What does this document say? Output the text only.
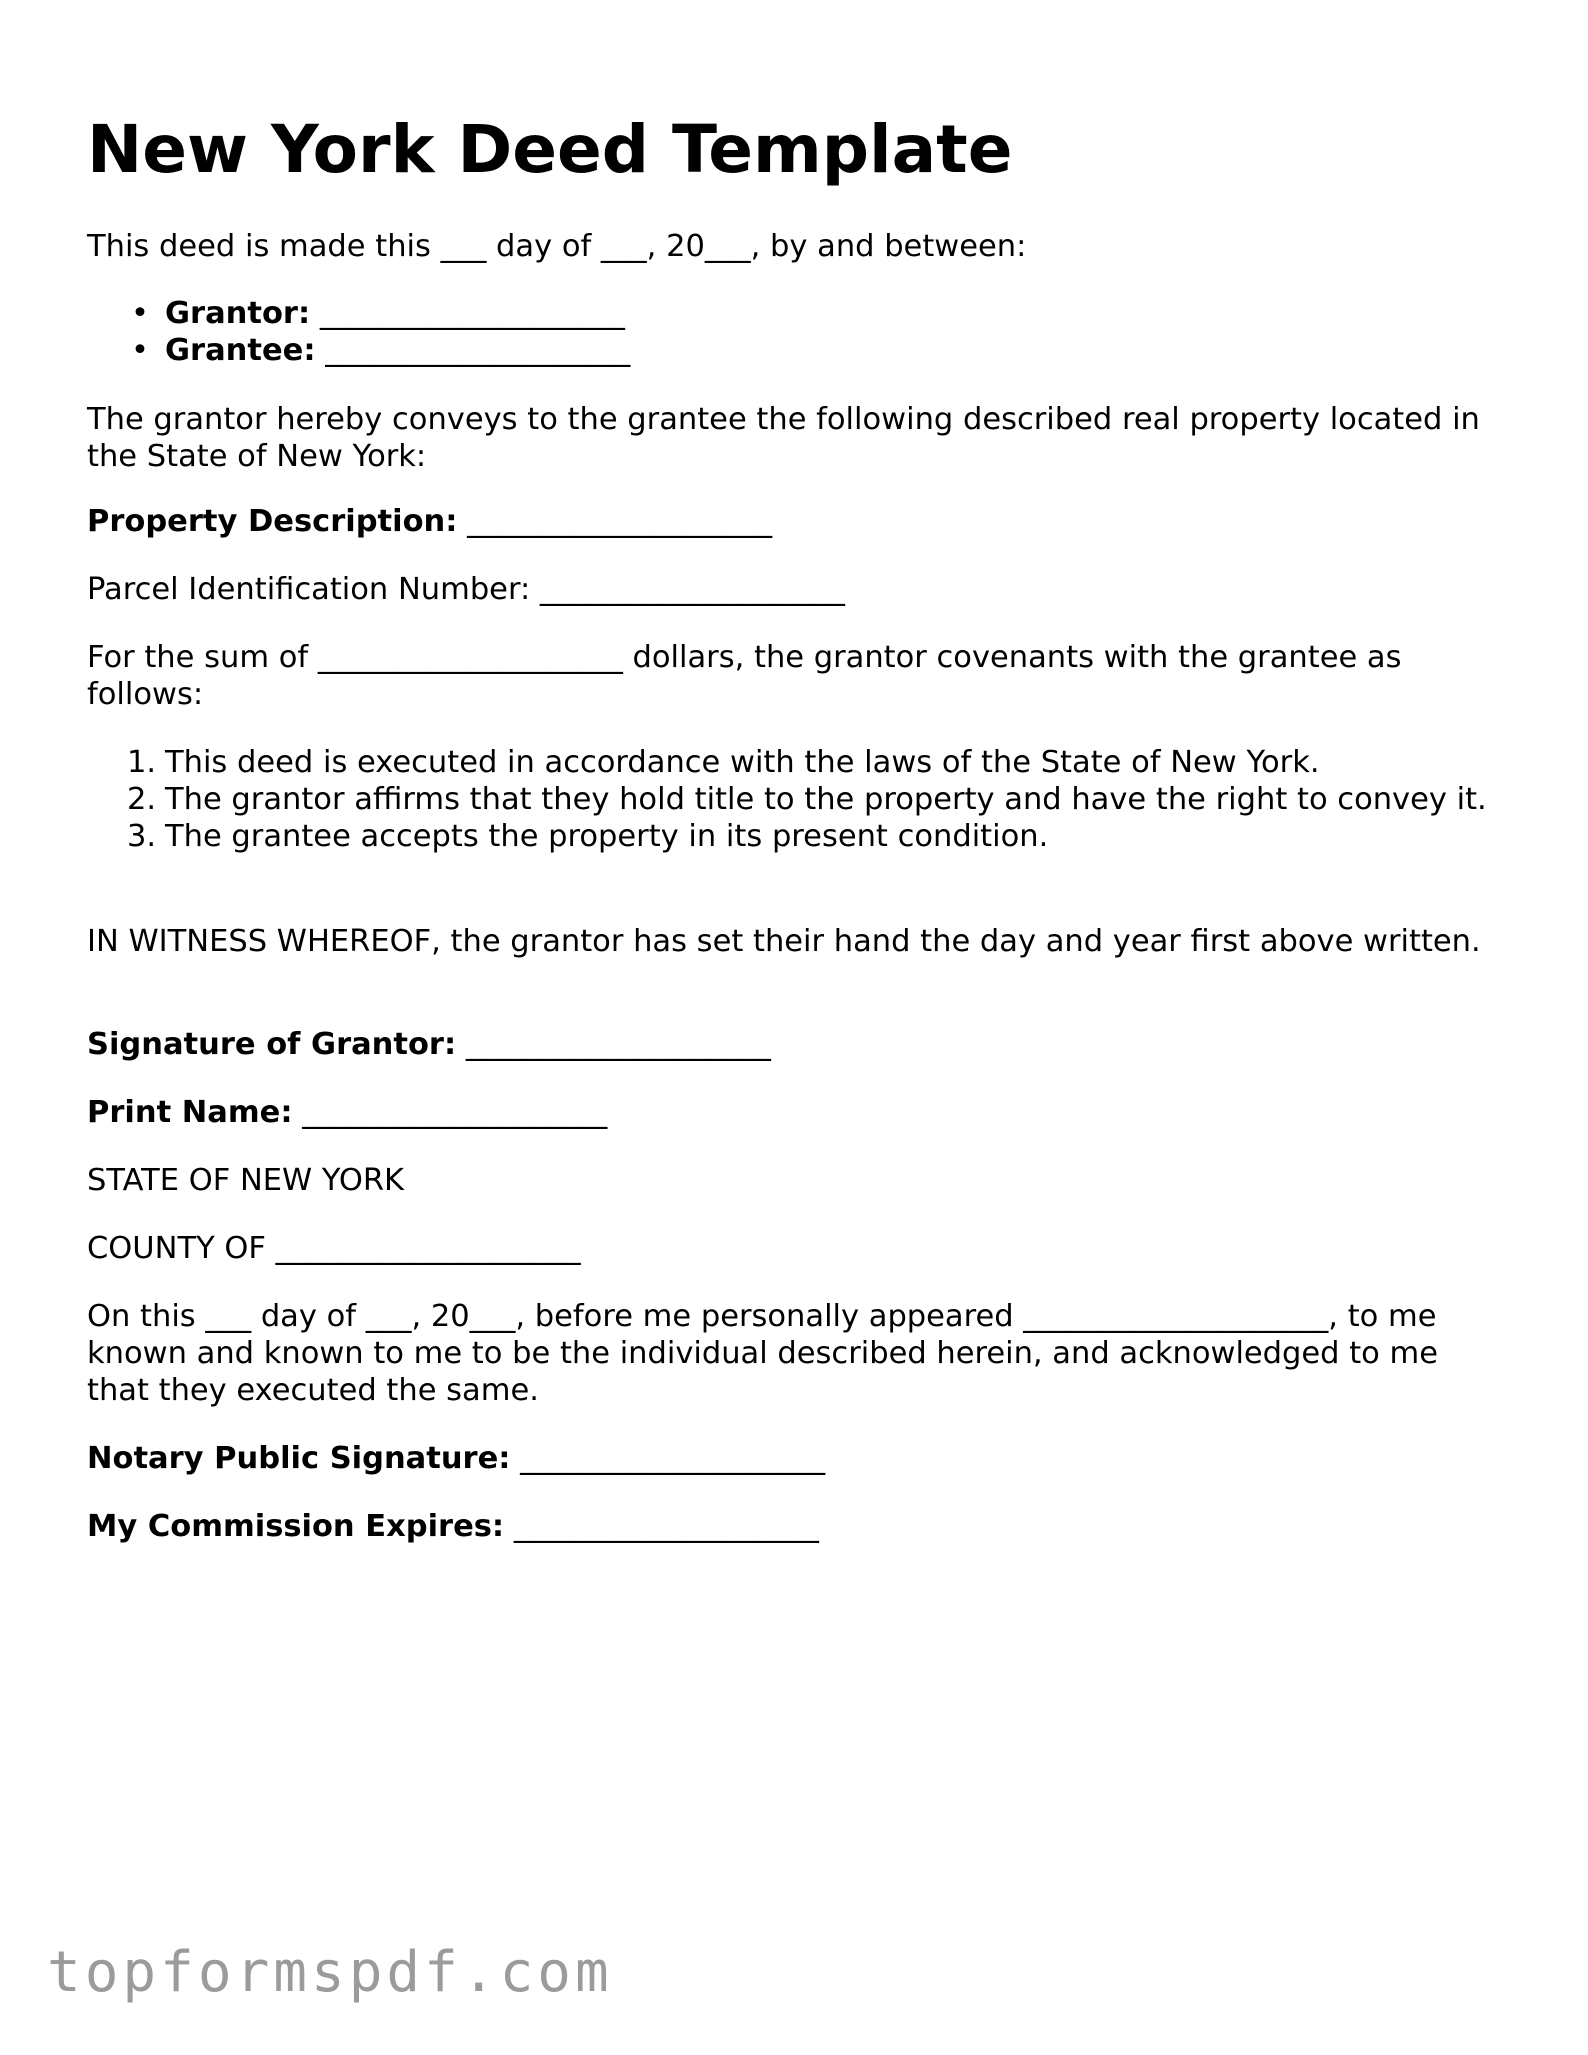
New York Deed Template

This deed is made this ___ day of ___, 20___, by and between:

• Grantor: ____________________
• Grantee: ____________________

The grantor hereby conveys to the grantee the following described real property located in the State of New York:

Property Description: ____________________

Parcel Identification Number: ____________________

For the sum of ____________________ dollars, the grantor covenants with the grantee as follows:

1. This deed is executed in accordance with the laws of the State of New York.
2. The grantor affirms that they hold title to the property and have the right to convey it.
3. The grantee accepts the property in its present condition.

IN WITNESS WHEREOF, the grantor has set their hand the day and year first above written.

Signature of Grantor: ____________________

Print Name: ____________________

STATE OF NEW YORK

COUNTY OF ____________________

On this ___ day of ___, 20___, before me personally appeared ____________________, to me known and known to me to be the individual described herein, and acknowledged to me that they executed the same.

Notary Public Signature: ____________________

My Commission Expires: ____________________

topformspdf.com
